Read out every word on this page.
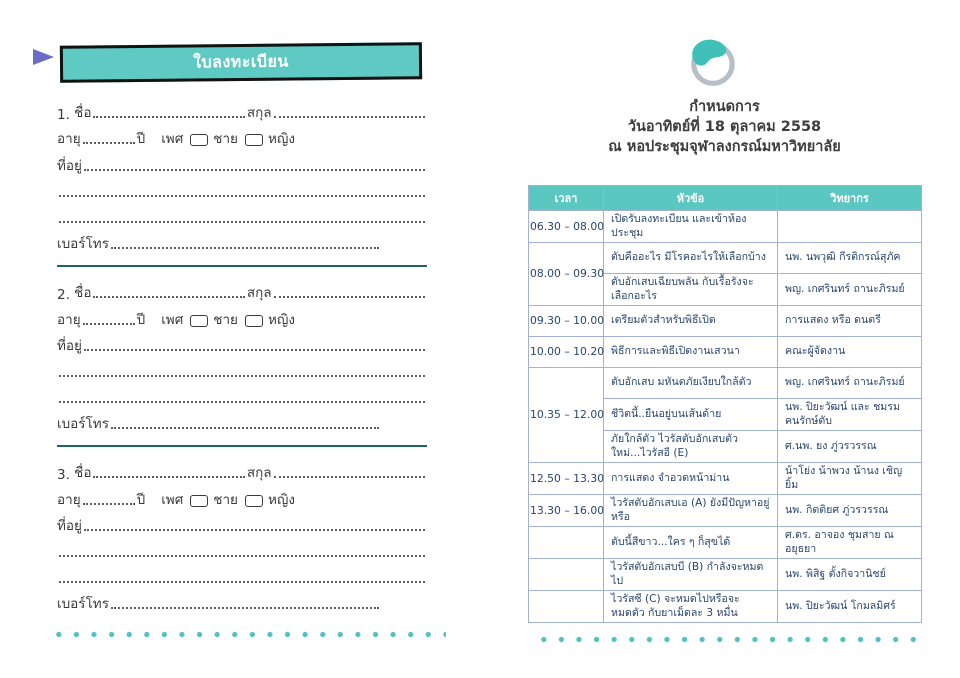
ใบลงทะเบียน
1. ชื่อ	สกุล
อายุ	ปี เพศ ชาย หญิง
ที่อยู่
เบอร์โทร
2. ชื่อ	สกุล
อายุ	ปี เพศ ชาย หญิง
ที่อยู่
เบอร์โทร
3. ชื่อ	สกุล
อายุ	ปี เพศ ชาย หญิง
ที่อยู่
เบอร์โทร
กำหนดการ
วันอาทิตย์ที่ 18 ตุลาคม 2558
ณ หอประชุมจุฬาลงกรณ์มหาวิทยาลัย
เวลา	หัวข้อ	วิทยากร
06.30 – 08.00	เปิดรับลงทะเบียน และเข้าห้องประชุม	
08.00 – 09.30	ตับคืออะไร มีโรคอะไรให้เลือกบ้าง	นพ. นพวุฒิ กีรติกรณ์สุภัค
	ตับอักเสบเฉียบพลัน กับเรื้อรังจะเลือกอะไร	พญ. เกศรินทร์ ถานะภิรมย์
09.30 – 10.00	เตรียมตัวสำหรับพิธีเปิด	การแสดง หรือ ดนตรี
10.00 – 10.20	พิธีการและพิธีเปิดงานเสวนา	คณะผู้จัดงาน
10.35 – 12.00	ตับอักเสบ มหันตภัยเงียบใกล้ตัว	พญ. เกศรินทร์ ถานะภิรมย์
	ชีวิตนี้..ยืนอยู่บนเส้นด้าย	นพ. ปิยะวัฒน์ และ ชมรมคนรักษ์ตับ
	ภัยใกล้ตัว ไวรัสตับอักเสบตัวใหม่...ไวรัสอี (E)	ศ.นพ. ยง ภู่วรวรรณ
12.50 – 13.30	การแสดง จำอวดหน้าม่าน	น้าโย่ง น้าพวง น้านง เชิญยิ้ม
13.30 – 16.00	ไวรัสตับอักเสบเอ (A) ยังมีปัญหาอยู่หรือ	นพ. กิตติยศ ภู่วรวรรณ
	ตับนี้สีขาว...ใคร ๆ ก็สุขได้	ศ.ดร. อาจอง ชุมสาย ณ อยุธยา
	ไวรัสตับอักเสบบี (B) กำลังจะหมดไป	นพ. พิสิฐ ตั้งกิจวานิชย์
	ไวรัสซี (C) จะหมดไปหรือจะหมดตัว กับยาเม็ดละ 3 หมื่น	นพ. ปิยะวัฒน์ โกมลมิศร์
